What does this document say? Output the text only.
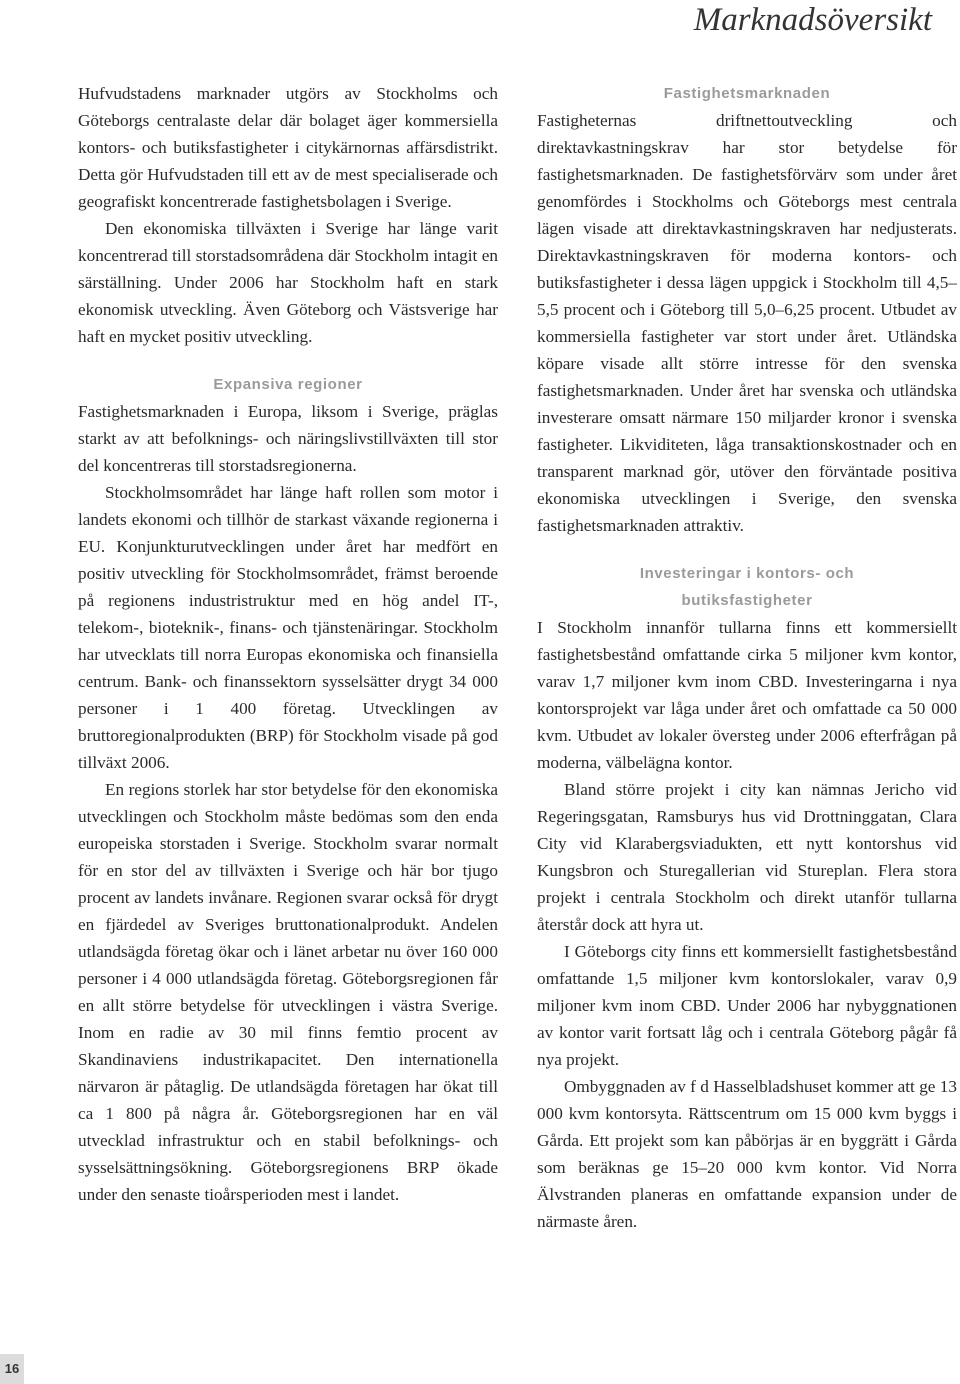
Marknadsöversikt

Hufvudstadens marknader utgörs av Stockholms och Göteborgs centralaste delar där bolaget äger kommersiella kontors- och butiksfastigheter i citykärnornas affärsdistrikt. Detta gör Hufvudstaden till ett av de mest specialiserade och geografiskt koncentrerade fastighetsbolagen i Sverige.

Den ekonomiska tillväxten i Sverige har länge varit koncentrerad till storstadsområdena där Stockholm intagit en särställning. Under 2006 har Stockholm haft en stark ekonomisk utveckling. Även Göteborg och Västsverige har haft en mycket positiv utveckling.

Expansiva regioner

Fastighetsmarknaden i Europa, liksom i Sverige, präglas starkt av att befolknings- och näringslivstillväxten till stor del koncentreras till storstadsregionerna.

Stockholmsområdet har länge haft rollen som motor i landets ekonomi och tillhör de starkast växande regionerna i EU. Konjunkturutvecklingen under året har medfört en positiv utveckling för Stockholmsområdet, främst beroende på regionens industristruktur med en hög andel IT-, telekom-, bioteknik-, finans- och tjänstenäringar. Stockholm har utvecklats till norra Europas ekonomiska och finansiella centrum. Bank- och finanssektorn sysselsätter drygt 34 000 personer i 1 400 företag. Utvecklingen av bruttoregionalprodukten (BRP) för Stockholm visade på god tillväxt 2006.

En regions storlek har stor betydelse för den ekonomiska utvecklingen och Stockholm måste bedömas som den enda europeiska storstaden i Sverige. Stockholm svarar normalt för en stor del av tillväxten i Sverige och här bor tjugo procent av landets invånare. Regionen svarar också för drygt en fjärdedel av Sveriges bruttonationalprodukt. Andelen utlandsägda företag ökar och i länet arbetar nu över 160 000 personer i 4 000 utlandsägda företag. Göteborgsregionen får en allt större betydelse för utvecklingen i västra Sverige. Inom en radie av 30 mil finns femtio procent av Skandinaviens industrikapacitet. Den internationella närvaron är påtaglig. De utlandsägda företagen har ökat till ca 1 800 på några år. Göteborgsregionen har en väl utvecklad infrastruktur och en stabil befolknings- och sysselsättningsökning. Göteborgsregionens BRP ökade under den senaste tioårsperioden mest i landet.

Fastighetsmarknaden

Fastigheternas driftnettoutveckling och direktavkastningskrav har stor betydelse för fastighetsmarknaden. De fastighetsförvärv som under året genomfördes i Stockholms och Göteborgs mest centrala lägen visade att direktavkastningskraven har nedjusterats. Direktavkastningskraven för moderna kontors- och butiksfastigheter i dessa lägen uppgick i Stockholm till 4,5–5,5 procent och i Göteborg till 5,0–6,25 procent. Utbudet av kommersiella fastigheter var stort under året. Utländska köpare visade allt större intresse för den svenska fastighetsmarknaden. Under året har svenska och utländska investerare omsatt närmare 150 miljarder kronor i svenska fastigheter. Likviditeten, låga transaktionskostnader och en transparent marknad gör, utöver den förväntade positiva ekonomiska utvecklingen i Sverige, den svenska fastighetsmarknaden attraktiv.

Investeringar i kontors- och
butiksfastigheter

I Stockholm innanför tullarna finns ett kommersiellt fastighetsbestånd omfattande cirka 5 miljoner kvm kontor, varav 1,7 miljoner kvm inom CBD. Investeringarna i nya kontorsprojekt var låga under året och omfattade ca 50 000 kvm. Utbudet av lokaler översteg under 2006 efterfrågan på moderna, välbelägna kontor.

Bland större projekt i city kan nämnas Jericho vid Regeringsgatan, Ramsburys hus vid Drottninggatan, Clara City vid Klarabergsviadukten, ett nytt kontorshus vid Kungsbron och Sturegallerian vid Stureplan. Flera stora projekt i centrala Stockholm och direkt utanför tullarna återstår dock att hyra ut.

I Göteborgs city finns ett kommersiellt fastighetsbestånd omfattande 1,5 miljoner kvm kontorslokaler, varav 0,9 miljoner kvm inom CBD. Under 2006 har nybyggnationen av kontor varit fortsatt låg och i centrala Göteborg pågår få nya projekt.

Ombyggnaden av f d Hasselbladshuset kommer att ge 13 000 kvm kontorsyta. Rättscentrum om 15 000 kvm byggs i Gårda. Ett projekt som kan påbörjas är en byggrätt i Gårda som beräknas ge 15–20 000 kvm kontor. Vid Norra Älvstranden planeras en omfattande expansion under de närmaste åren.

16
